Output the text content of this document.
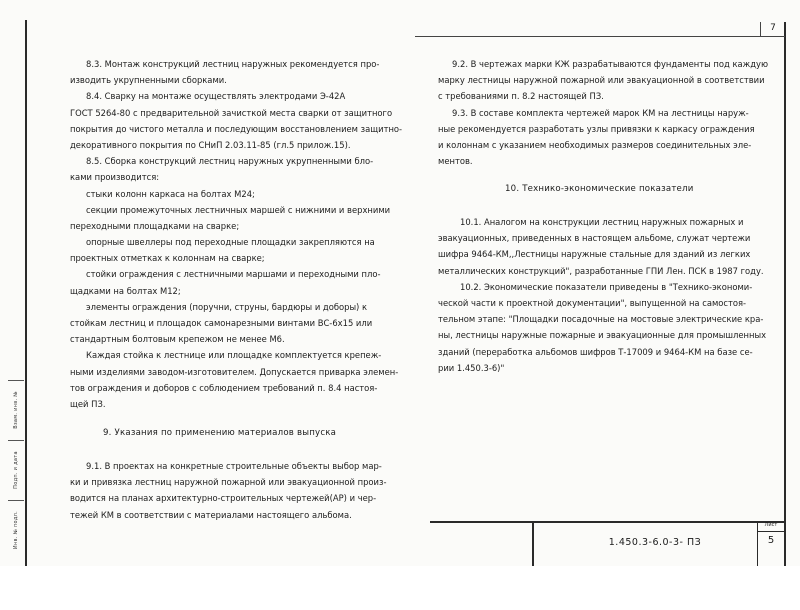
7
Взам. инв. №
Подп. и дата
Инв. № подл.
8.3. Монтаж конструкций лестниц наружных рекомендуется про-
изводить укрупненными сборками.
8.4. Сварку на монтаже осуществлять электродами Э-42А
ГОСТ 5264-80 с предварительной зачисткой места сварки от защитного
покрытия до чистого металла и последующим восстановлением защитно-
декоративного покрытия по СНиП 2.03.11-85 (гл.5 прилож.15).
8.5. Сборка конструкций лестниц наружных укрупненными бло-
ками производится:
стыки колонн каркаса на болтах М24;
секции промежуточных лестничных маршей с нижними и верхними
переходными площадками на сварке;
опорные швеллеры под переходные площадки закрепляются на
проектных отметках к колоннам на сварке;
стойки ограждения с лестничными маршами и переходными пло-
щадками на болтах М12;
элементы ограждения (поручни, струны, бардюры и доборы) к
стойкам лестниц и площадок самонарезными винтами ВС-6х15 или
стандартным болтовым крепежом не менее М6.
Каждая стойка к лестнице или площадке комплектуется крепеж-
ными изделиями заводом-изготовителем. Допускается приварка элемен-
тов ограждения и доборов с соблюдением требований п. 8.4 настоя-
щей ПЗ.
9. Указания по применению материалов выпуска
9.1. В проектах на конкретные строительные объекты выбор мар-
ки и привязка лестниц наружной пожарной или эвакуационной произ-
водится на планах архитектурно-строительных чертежей(АР) и чер-
тежей КМ в соответствии с материалами настоящего альбома.
9.2. В чертежах марки КЖ разрабатываются фундаменты под каждую
марку лестницы наружной пожарной или эвакуационной в соответствии
с требованиями п. 8.2 настоящей ПЗ.
9.3. В составе комплекта чертежей марок КМ на лестницы наруж-
ные рекомендуется разработать узлы привязки к каркасу ограждения
и колоннам с указанием необходимых размеров соединительных эле-
ментов.
10. Технико-экономические показатели
10.1. Аналогом на конструкции лестниц наружных пожарных и
эвакуационных, приведенных в настоящем альбоме, служат чертежи
шифра 9464-КМ,,Лестницы наружные стальные для зданий из легких
металлических конструкций", разработанные ГПИ Лен. ПСК в 1987 году.
10.2. Экономические показатели приведены в "Технико-экономи-
ческой части к проектной документации", выпущенной на самостоя-
тельном этапе: "Площадки посадочные на мостовые электрические кра-
ны, лестницы наружные пожарные и эвакуационные для промышленных
зданий (переработка альбомов шифров Т-17009 и 9464-КМ на базе се-
рии 1.450.3-6)"
1.450.3-6.0-3- ПЗ
Лист
5
